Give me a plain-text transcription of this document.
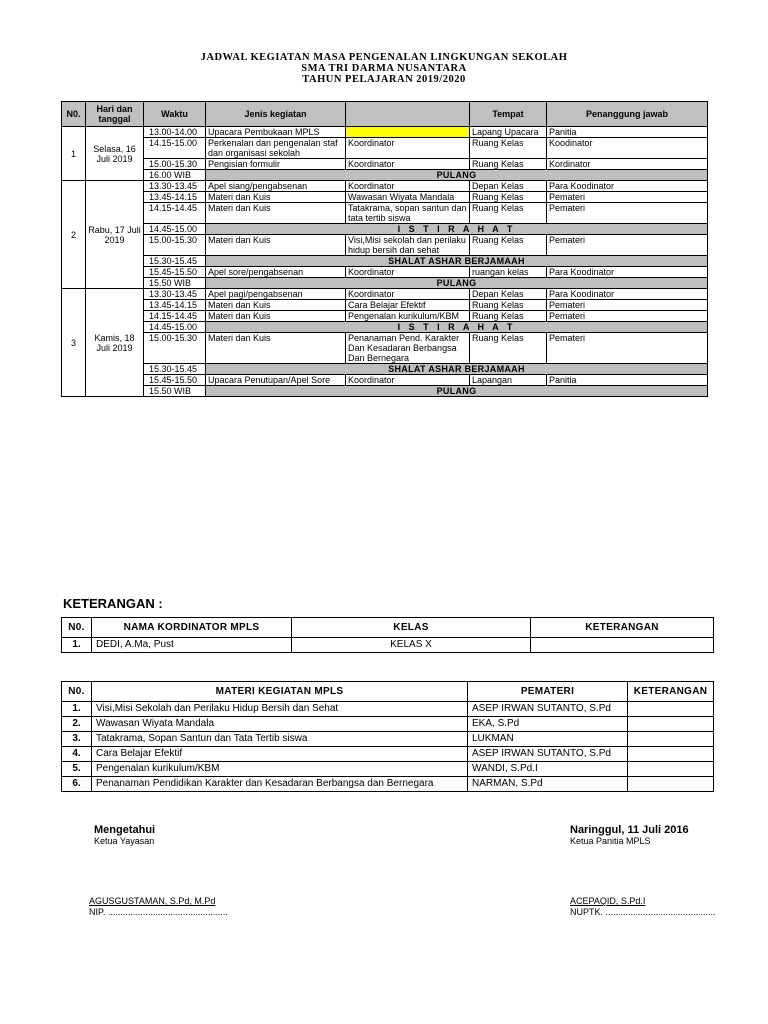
JADWAL KEGIATAN MASA PENGENALAN LINGKUNGAN SEKOLAH
SMA TRI DARMA NUSANTARA
TAHUN PELAJARAN 2019/2020
N0.	Hari dan tanggal	Waktu	Jenis kegiatan		Tempat	Penanggung jawab
1	Selasa, 16 Juli 2019	13.00-14.00	Upacara Pembukaan MPLS		Lapang Upacara	Panitia
		14.15-15.00	Perkenalan dan pengenalan staf dan organisasi sekolah	Koordinator	Ruang Kelas	Koodinator
		15.00-15.30	Pengisian formulir	Koordinator	Ruang Kelas	Kordinator
		16.00 WIB	PULANG			
2	Rabu, 17 Juli 2019	13.30-13.45	Apel siang/pengabsenan	Koordinator	Depan Kelas	Para Koodinator
		13.45-14.15	Materi dan Kuis	Wawasan Wiyata Mandala	Ruang Kelas	Pemateri
		14.15-14.45	Materi dan Kuis	Tatakrama, sopan santun dan tata tertib siswa	Ruang Kelas	Pemateri
		14.45-15.00	I S T I R A H A T			
		15.00-15.30	Materi dan Kuis	Visi,Misi sekolah dan perilaku hidup bersih dan sehat	Ruang Kelas	Pemateri
		15.30-15.45	SHALAT ASHAR BERJAMAAH			
		15.45-15.50	Apel sore/pengabsenan	Koordinator	ruangan kelas	Para Koodinator
		15.50 WIB	PULANG			
3	Kamis, 18 Juli 2019	13.30-13.45	Apel pagi/pengabsenan	Koordinator	Depan Kelas	Para Koodinator
		13.45-14.15	Materi dan Kuis	Cara Belajar Efektif	Ruang Kelas	Pemateri
		14.15-14.45	Materi dan Kuis	Pengenalan kurikulum/KBM	Ruang Kelas	Pemateri
		14.45-15.00	I S T I R A H A T			
		15.00-15.30	Materi dan Kuis	Penanaman Pend. Karakter Dan Kesadaran Berbangsa Dan Bernegara	Ruang Kelas	Pemateri
		15.30-15.45	SHALAT ASHAR BERJAMAAH			
		15.45-15.50	Upacara Penutupan/Apel Sore	Koordinator	Lapangan	Panitia
		15.50 WIB	PULANG			
KETERANGAN :
N0.	NAMA KORDINATOR MPLS	KELAS	KETERANGAN
1.	DEDI, A.Ma, Pust	KELAS X	
N0.	MATERI KEGIATAN MPLS	PEMATERI	KETERANGAN
1.	Visi,Misi Sekolah dan Perilaku Hidup Bersih dan Sehat	ASEP IRWAN SUTANTO, S.Pd	
2.	Wawasan Wiyata Mandala	EKA, S.Pd	
3.	Tatakrama, Sopan Santun dan Tata Tertib siswa	LUKMAN	
4.	Cara Belajar Efektif	ASEP IRWAN SUTANTO, S.Pd	
5.	Pengenalan kurikulum/KBM	WANDI, S.Pd.I	
6.	Penanaman Pendidikan Karakter dan Kesadaran Berbangsa dan Bernegara	NARMAN, S.Pd	
Mengetahui
Ketua Yayasan
AGUSGUSTAMAN, S.Pd, M.Pd
NIP. ................................................
Naringgul, 11 Juli 2016
Ketua Panitia MPLS
ACEPAQID, S.Pd.I
NUPTK. ............................................
